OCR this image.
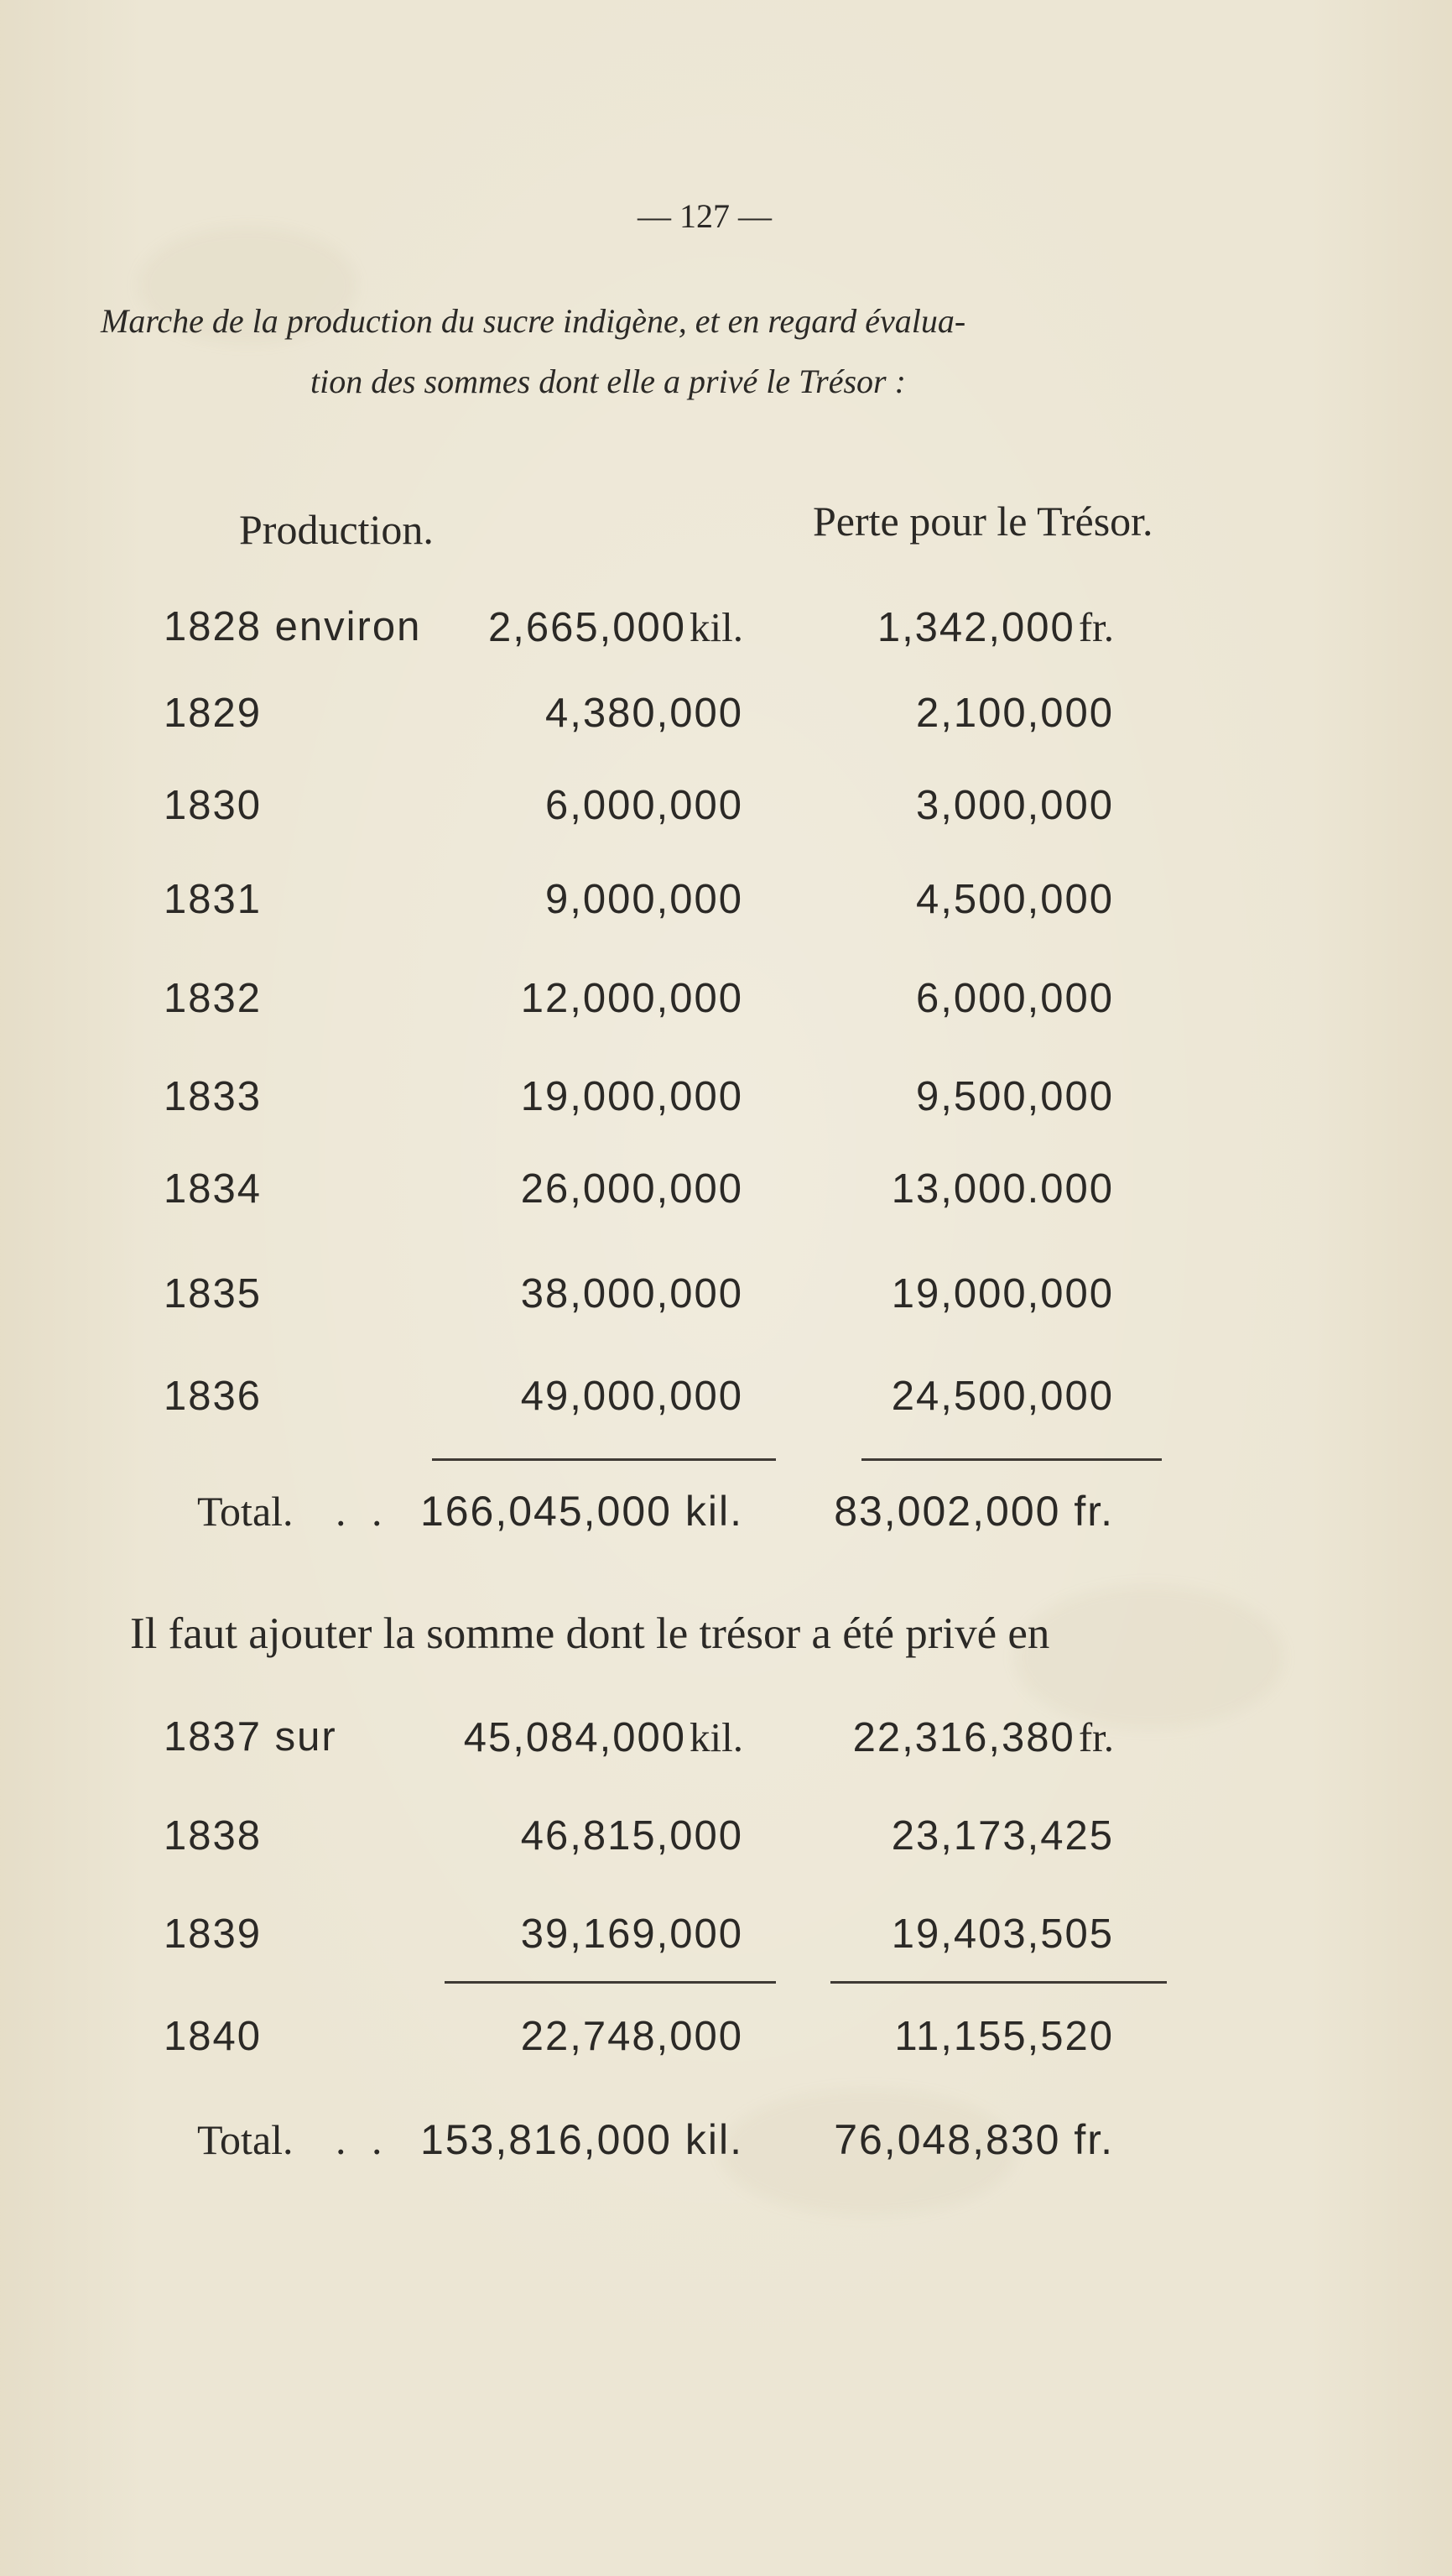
— 127 —
Marche de la production du sucre indigène, et en regard évalua-
tion des sommes dont elle a privé le Trésor :
Production.	Perte pour le Trésor.
1828 environ 2,665,000kil.	1,342,000fr.
1829	4,380,000	2,100,000
1830	6,000,000	3,000,000
1831	9,000,000	4,500,000
1832	12,000,000	6,000,000
1833	19,000,000	9,500,000
1834	26,000,000	13,000.000
1835	38,000,000	19,000,000
1836	49,000,000	24,500,000
Total. . . 166,045,000 kil. 83,002,000 fr.
Il faut ajouter la somme dont le trésor a été privé en
1837 sur	45,084,000kil.	22,316,380fr.
1838	46,815,000	23,173,425
1839	39,169,000	19,403,505
1840	22,748,000	11,155,520
Total. . . 153,816,000 kil. 76,048,830 fr.
